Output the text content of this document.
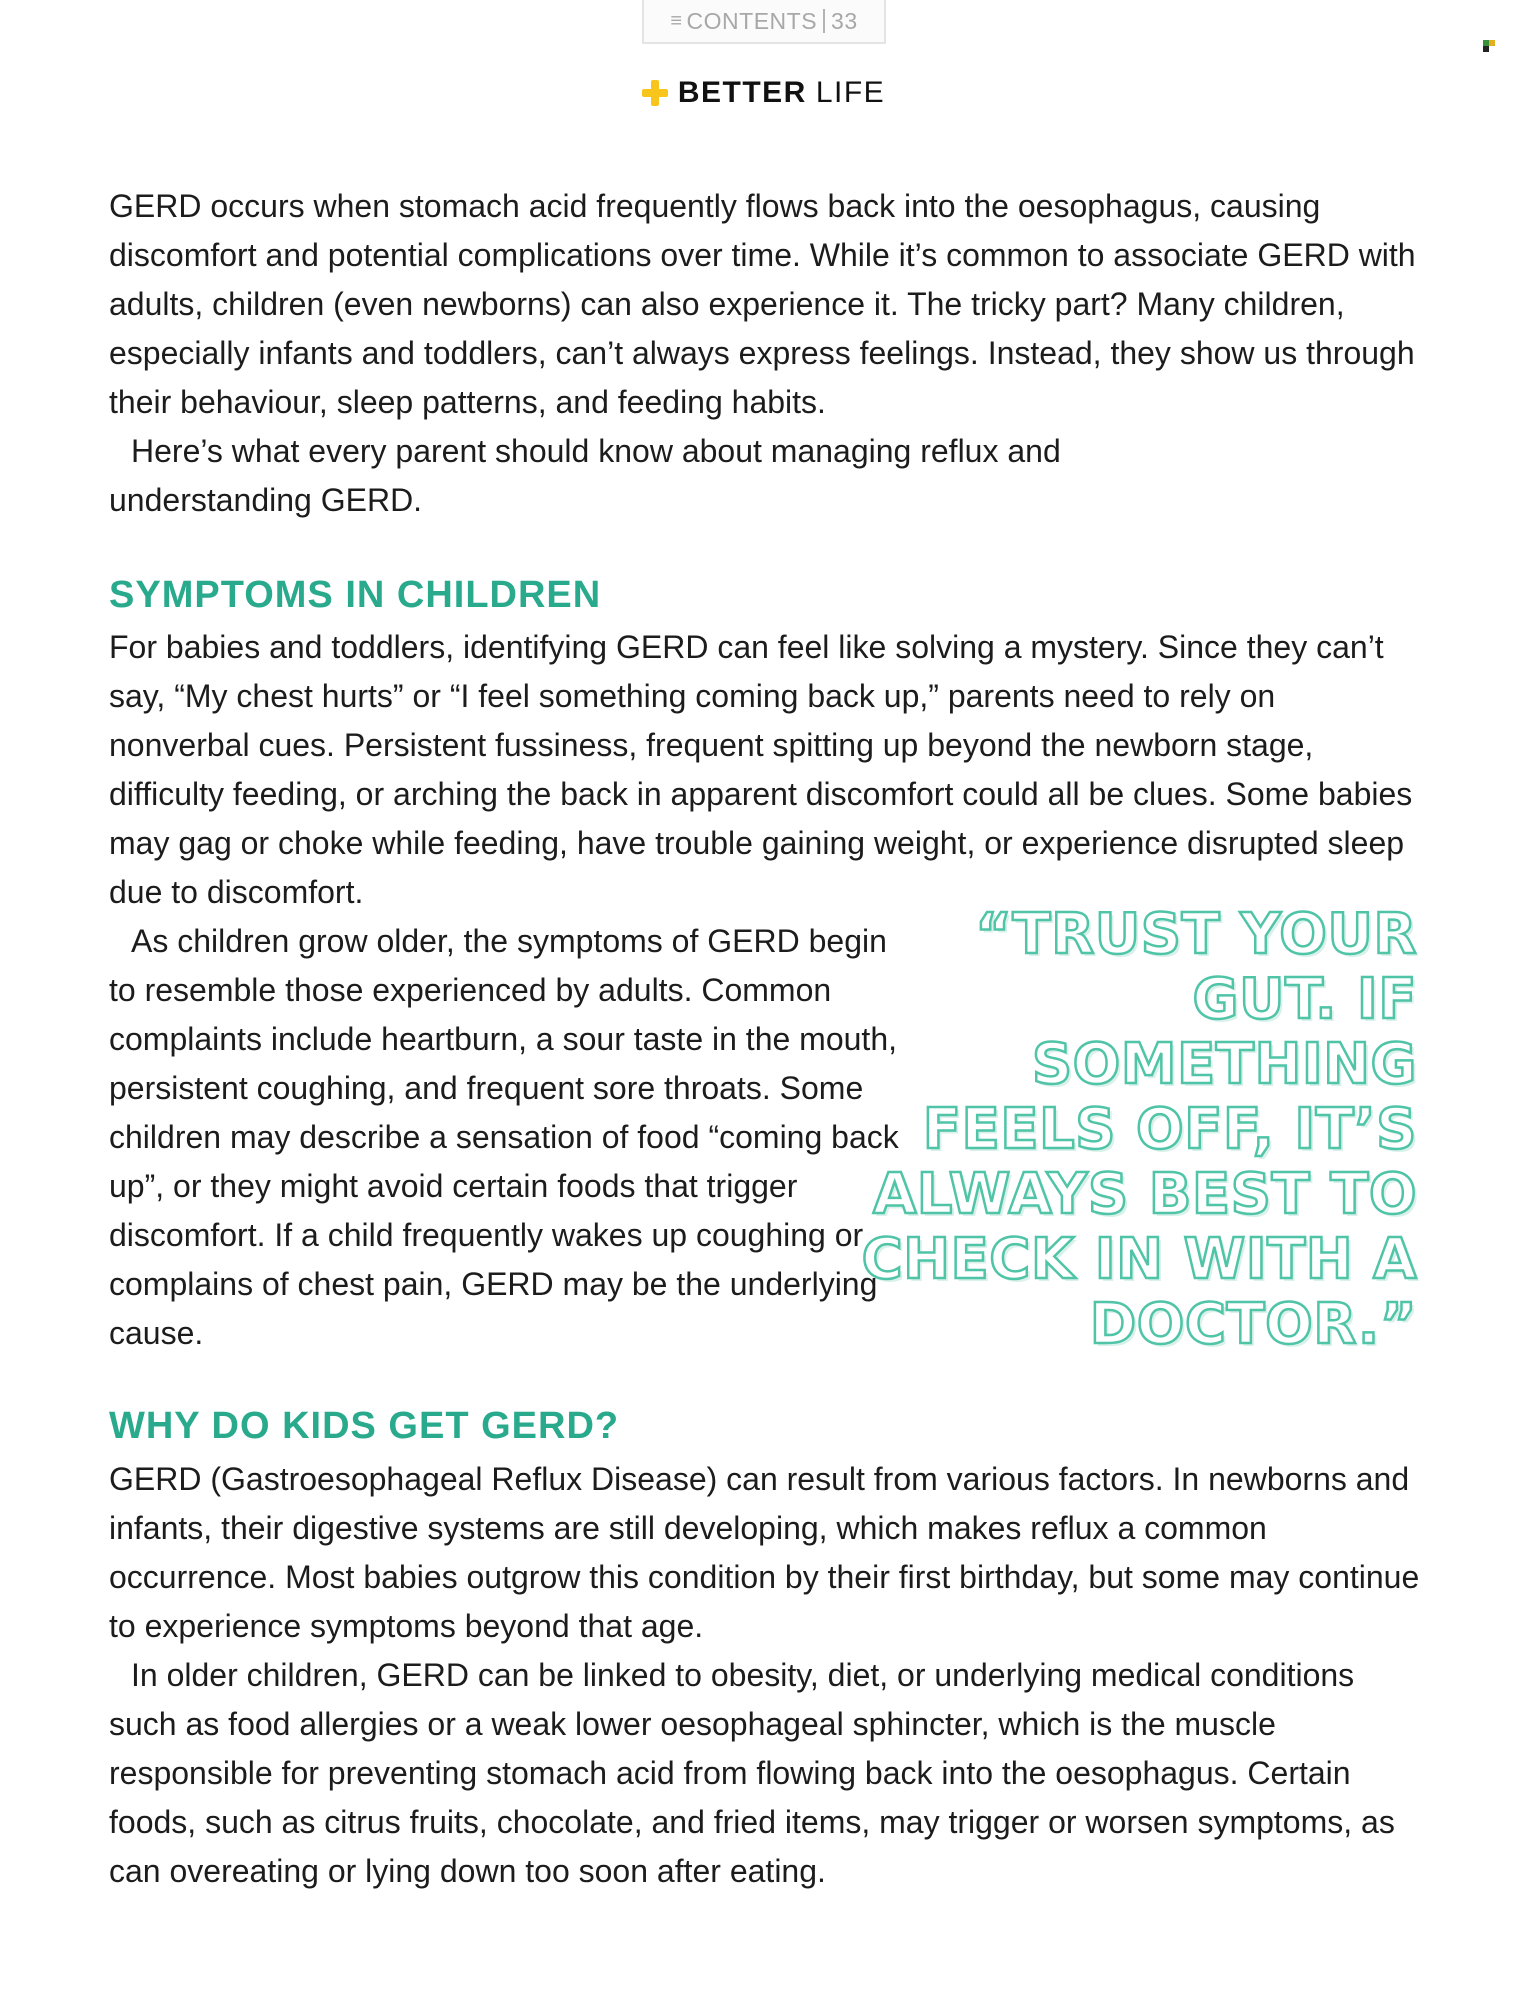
≡ CONTENTS 33
BETTER LIFE

GERD occurs when stomach acid frequently flows back into the oesophagus, causing discomfort and potential complications over time. While it’s common to associate GERD with adults, children (even newborns) can also experience it. The tricky part? Many children, especially infants and toddlers, can’t always express feelings. Instead, they show us through their behaviour, sleep patterns, and feeding habits.

Here’s what every parent should know about managing reflux and understanding GERD.

SYMPTOMS IN CHILDREN

For babies and toddlers, identifying GERD can feel like solving a mystery. Since they can’t say, “My chest hurts” or “I feel something coming back up,” parents need to rely on nonverbal cues. Persistent fussiness, frequent spitting up beyond the newborn stage, difficulty feeding, or arching the back in apparent discomfort could all be clues. Some babies may gag or choke while feeding, have trouble gaining weight, or experience disrupted sleep due to discomfort.

As children grow older, the symptoms of GERD begin to resemble those experienced by adults. Common complaints include heartburn, a sour taste in the mouth, persistent coughing, and frequent sore throats. Some children may describe a sensation of food “coming back up”, or they might avoid certain foods that trigger discomfort. If a child frequently wakes up coughing or complains of chest pain, GERD may be the underlying cause.

“TRUST YOUR GUT. IF SOMETHING FEELS OFF, IT’S ALWAYS BEST TO CHECK IN WITH A DOCTOR.”

WHY DO KIDS GET GERD?

GERD (Gastroesophageal Reflux Disease) can result from various factors. In newborns and infants, their digestive systems are still developing, which makes reflux a common occurrence. Most babies outgrow this condition by their first birthday, but some may continue to experience symptoms beyond that age.

In older children, GERD can be linked to obesity, diet, or underlying medical conditions such as food allergies or a weak lower oesophageal sphincter, which is the muscle responsible for preventing stomach acid from flowing back into the oesophagus. Certain foods, such as citrus fruits, chocolate, and fried items, may trigger or worsen symptoms, as can overeating or lying down too soon after eating.
